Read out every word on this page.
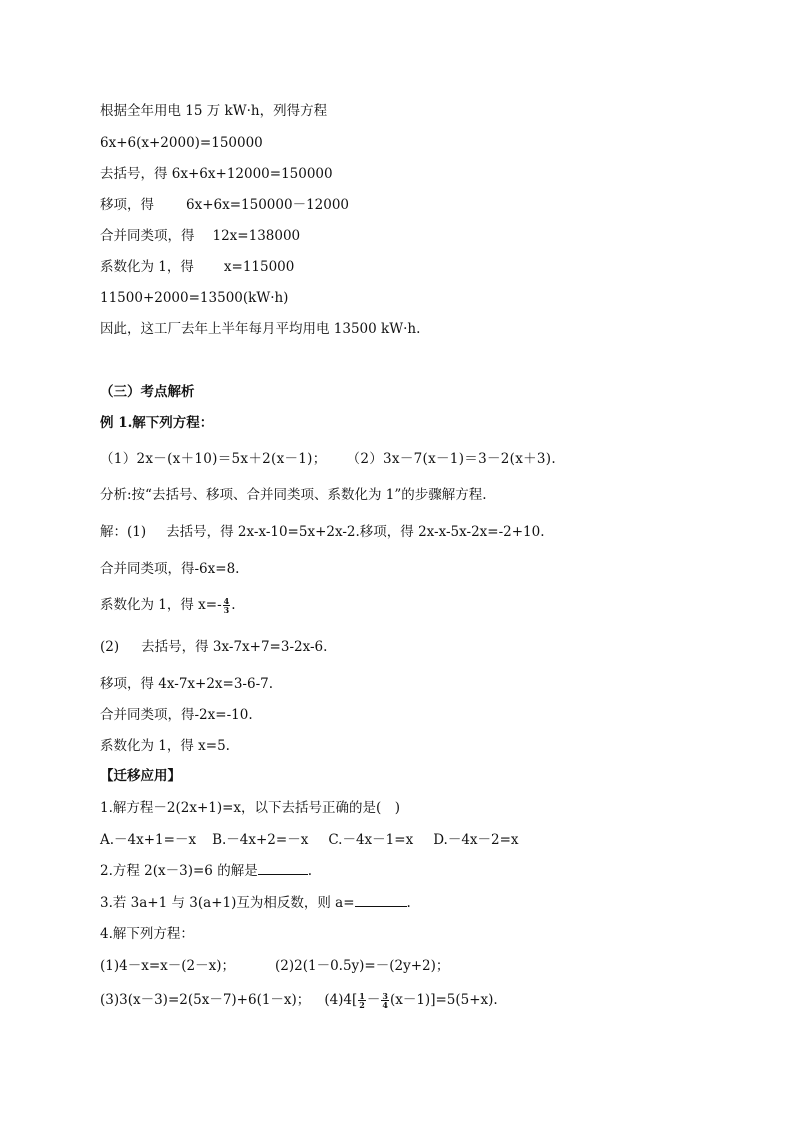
根据全年用电 15 万 kW·h，列得方程
6x+6(x+2000)=150000
去括号，得 6x+6x+12000=150000
移项，得 6x+6x=150000－12000
合并同类项，得 12x=138000
系数化为 1，得 x=115000
11500+2000=13500(kW·h)
因此，这工厂去年上半年每月平均用电 13500 kW·h.
（三）考点解析
例 1.解下列方程：
（1）2x－(x＋10)＝5x＋2(x－1)； （2）3x－7(x－1)＝3－2(x＋3).
分析:按“去括号、移项、合并同类项、系数化为 1”的步骤解方程.
解：(1) 去括号，得 2x-x-10=5x+2x-2.移项，得 2x-x-5x-2x=-2+10.
合并同类项，得-6x=8.
系数化为 1，得 $x=- \frac{4}{3}$ .
(2) 去括号，得 3x-7x+7=3-2x-6.
移项，得 4x-7x+2x=3-6-7.
合并同类项，得-2x=-10.
系数化为 1，得 x=5.
【迁移应用】
1.解方程－2(2x+1)=x，以下去括号正确的是(　)
A.－4x+1=－x B.－4x+2=－x C.－4x－1=x D.－4x－2=x
2.方程 2(x－3)=6 的解是	.
3.若 3a+1 与 3(a+1)互为相反数，则 a=	.
4.解下列方程：
(1)4－x=x－(2－x)；	(2)2(1－0.5y)=－(2y+2)；
(3)3(x－3)=2(5x－7)+6(1－x)； $(4)4[ \frac{1}{2} - \frac{3}{4} (x-1)]=5(5+x)$.
